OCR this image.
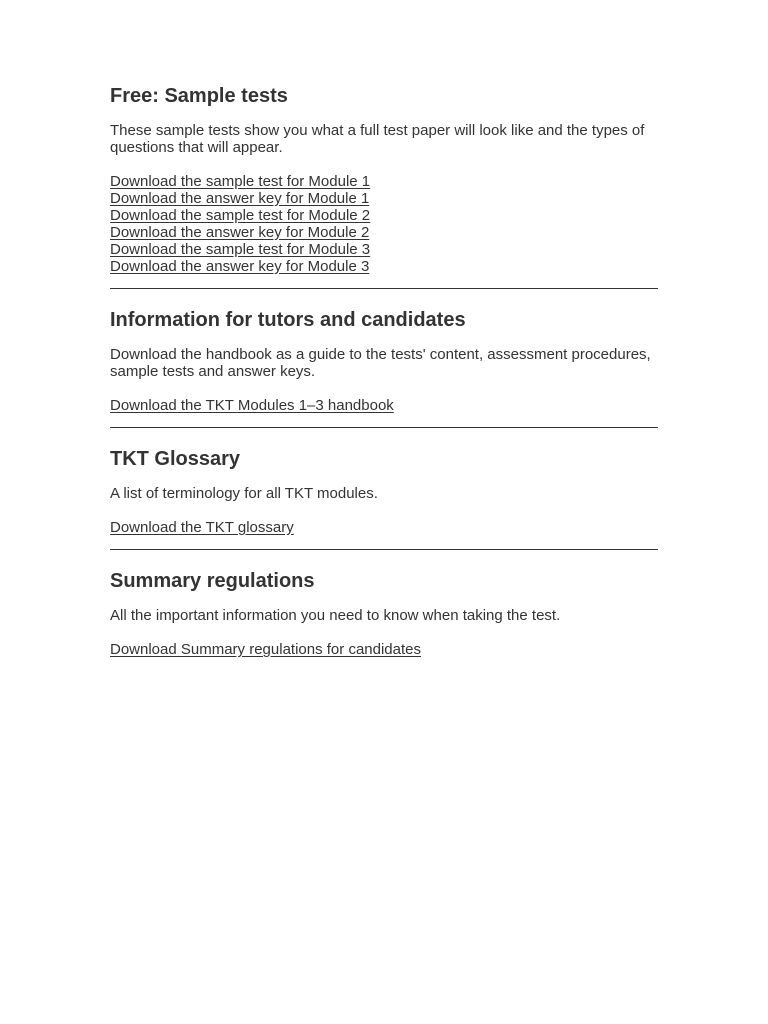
Free: Sample tests

These sample tests show you what a full test paper will look like and the types of questions that will appear.

Download the sample test for Module 1
Download the answer key for Module 1
Download the sample test for Module 2
Download the answer key for Module 2
Download the sample test for Module 3
Download the answer key for Module 3
Information for tutors and candidates

Download the handbook as a guide to the tests' content, assessment procedures, sample tests and answer keys.

Download the TKT Modules 1–3 handbook
TKT Glossary

A list of terminology for all TKT modules.

Download the TKT glossary
Summary regulations

All the important information you need to know when taking the test.

Download Summary regulations for candidates
